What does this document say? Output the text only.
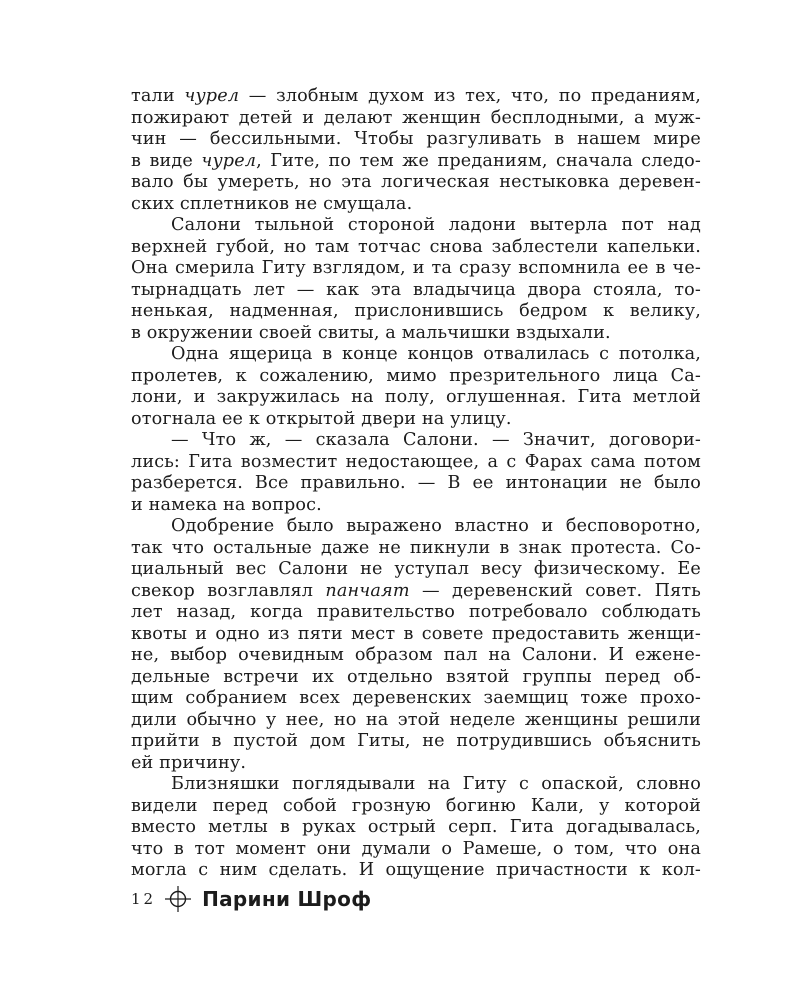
тали чурел — злобным духом из тех, что, по преданиям,
пожирают детей и делают женщин бесплодными, а муж-
чин — бессильными. Чтобы разгуливать в нашем мире
в виде чурел, Гите, по тем же преданиям, сначала следо-
вало бы умереть, но эта логическая нестыковка деревен-
ских сплетников не смущала.
Салони тыльной стороной ладони вытерла пот над
верхней губой, но там тотчас снова заблестели капельки.
Она смерила Гиту взглядом, и та сразу вспомнила ее в че-
тырнадцать лет — как эта владычица двора стояла, то-
ненькая, надменная, прислонившись бедром к велику,
в окружении своей свиты, а мальчишки вздыхали.
Одна ящерица в конце концов отвалилась с потолка,
пролетев, к сожалению, мимо презрительного лица Са-
лони, и закружилась на полу, оглушенная. Гита метлой
отогнала ее к открытой двери на улицу.
— Что ж, — сказала Салони. — Значит, договори-
лись: Гита возместит недостающее, а с Фарах сама потом
разберется. Все правильно. — В ее интонации не было
и намека на вопрос.
Одобрение было выражено властно и бесповоротно,
так что остальные даже не пикнули в знак протеста. Со-
циальный вес Салони не уступал весу физическому. Ее
свекор возглавлял панчаят — деревенский совет. Пять
лет назад, когда правительство потребовало соблюдать
квоты и одно из пяти мест в совете предоставить женщи-
не, выбор очевидным образом пал на Салони. И еженe-
дельные встречи их отдельно взятой группы перед об-
щим собранием всех деревенских заемщиц тоже прохо-
дили обычно у нее, но на этой неделе женщины решили
прийти в пустой дом Гиты, не потрудившись объяснить
ей причину.
Близняшки поглядывали на Гиту с опаской, словно
видели перед собой грозную богиню Кали, у которой
вместо метлы в руках острый серп. Гита догадывалась,
что в тот момент они думали о Рамеше, о том, что она
могла с ним сделать. И ощущение причастности к кол-
12 Парини Шроф
